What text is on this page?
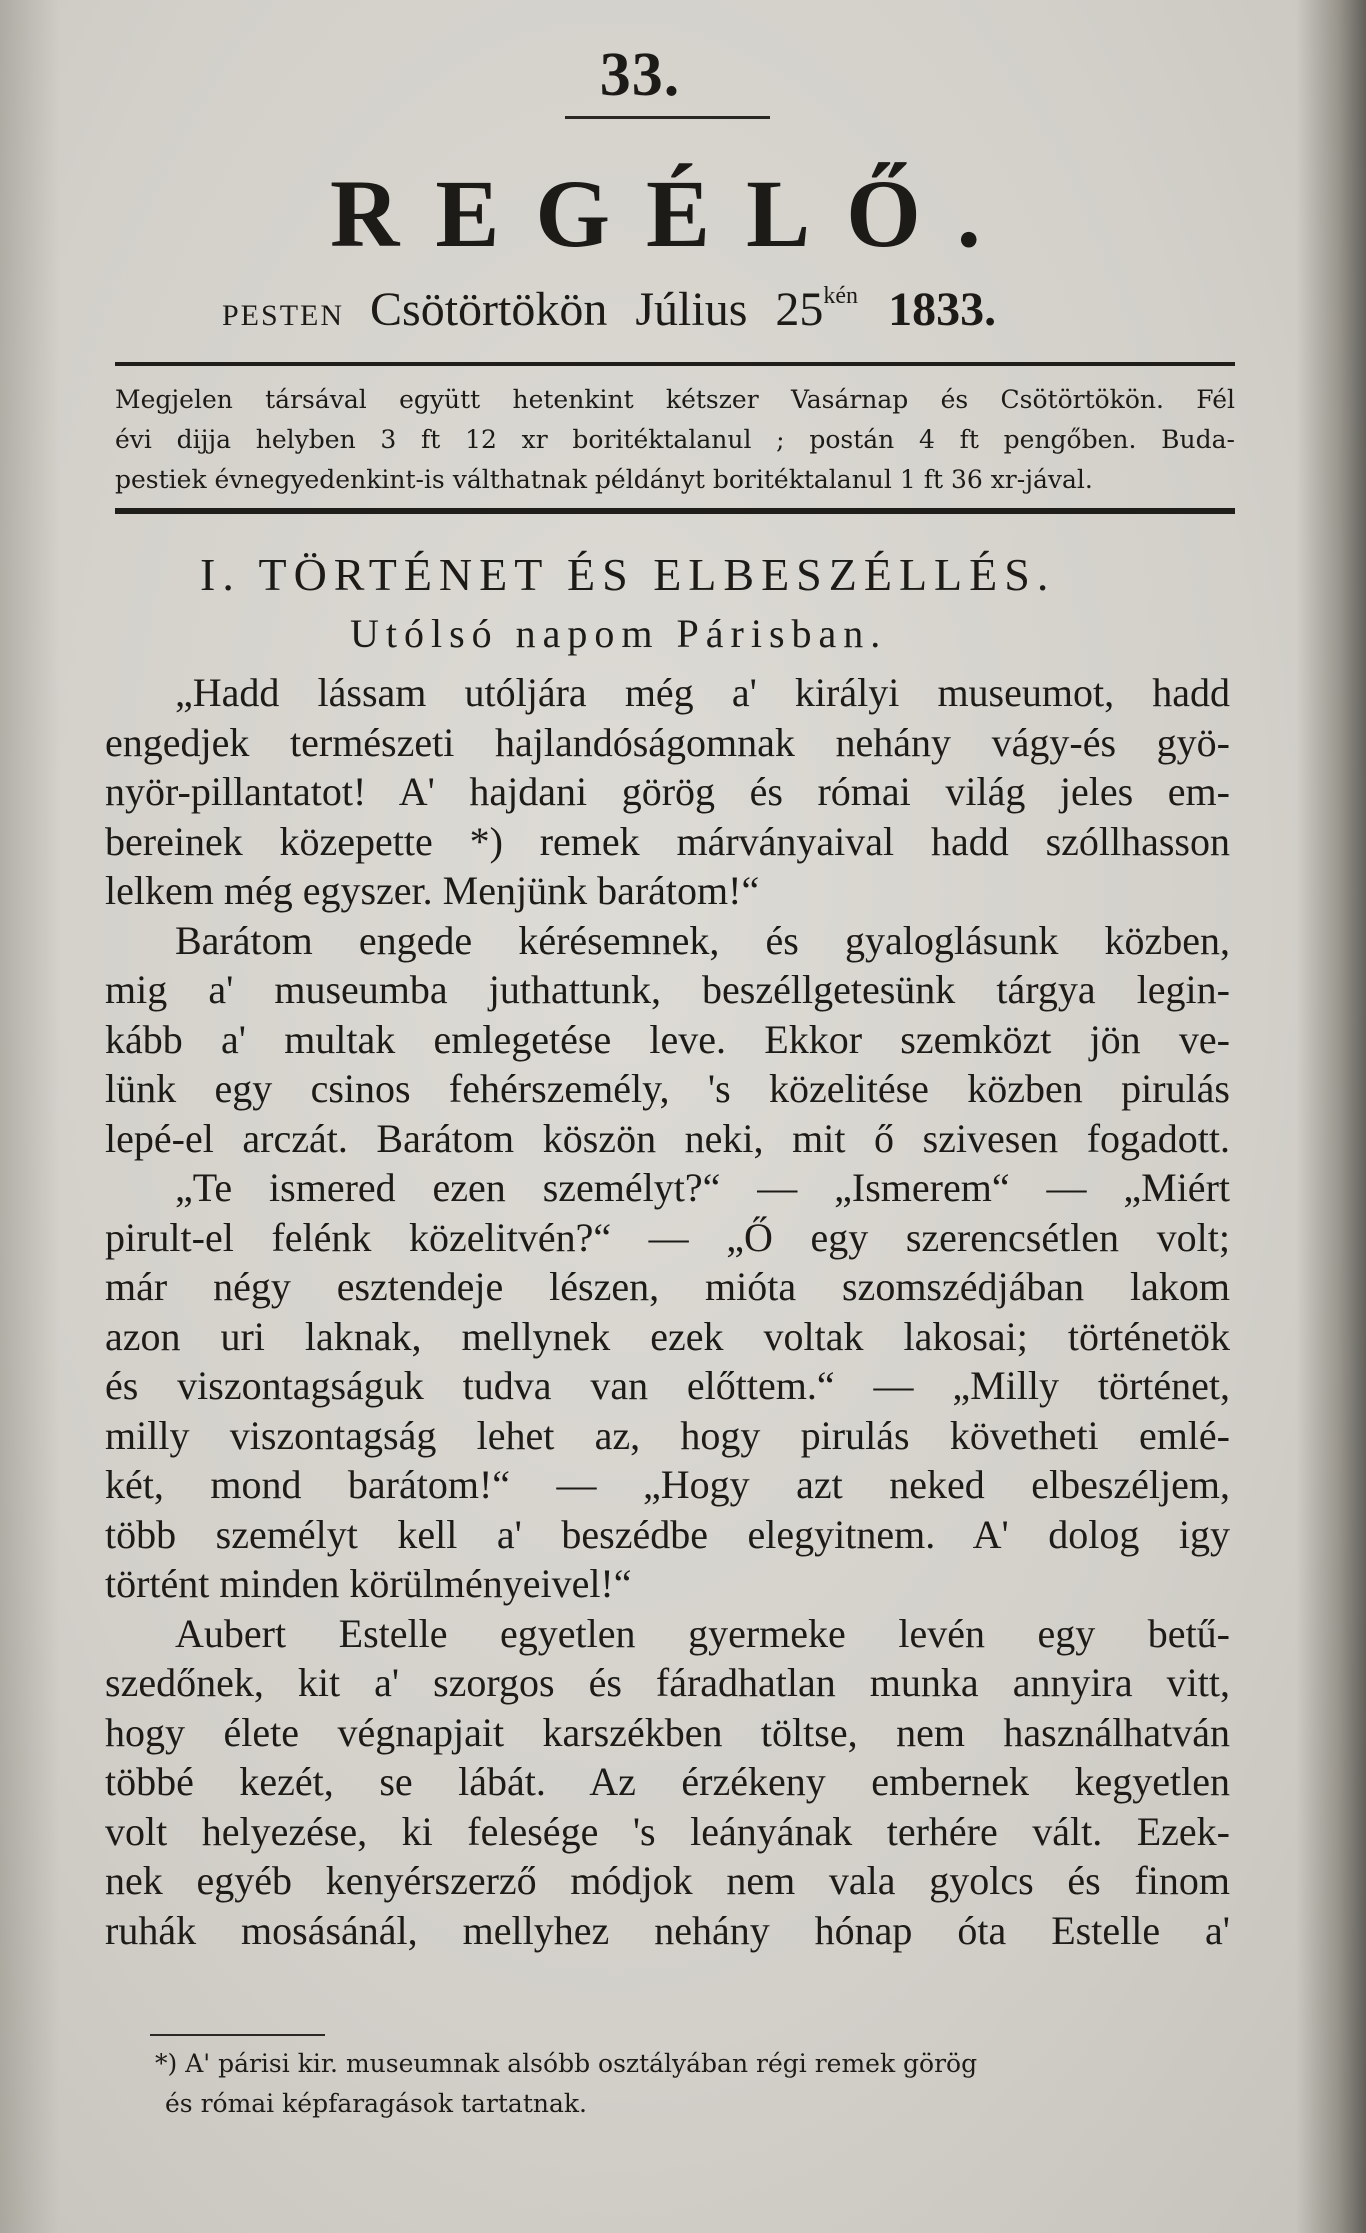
33.
REGÉLŐ.
PESTEN Csötörtökön Július $25^{kén}$ 1833.
Megjelen társával együtt hetenkint kétszer Vasárnap és Csötörtökön. Fél
évi dijja helyben 3 ft 12 xr boritéktalanul ; postán 4 ft pengőben. Buda-
pestiek évnegyedenkint-is válthatnak példányt boritéktalanul 1 ft 36 xr-jával.
I. TÖRTÉNET ÉS ELBESZÉLLÉS.
Utólsó napom Párisban.
„Hadd lássam utóljára még a' királyi museumot, hadd
engedjek természeti hajlandóságomnak nehány vágy-és gyö-
nyör-pillantatot! A' hajdani görög és római világ jeles em-
bereinek közepette *) remek márványaival hadd szóllhasson
lelkem még egyszer. Menjünk barátom!“
Barátom engede kérésemnek, és gyaloglásunk közben,
mig a' museumba juthattunk, beszéllgetesünk tárgya legin-
kább a' multak emlegetése leve. Ekkor szemközt jön ve-
lünk egy csinos fehérszemély, 's közelitése közben pirulás
lepé-el arczát. Barátom köszön neki, mit ő szivesen fogadott.
„Te ismered ezen személyt?“ — „Ismerem“ — „Miért
pirult-el felénk közelitvén?“ — „Ő egy szerencsétlen volt;
már négy esztendeje lészen, mióta szomszédjában lakom
azon uri laknak, mellynek ezek voltak lakosai; történetök
és viszontagságuk tudva van előttem.“ — „Milly történet,
milly viszontagság lehet az, hogy pirulás követheti emlé-
két, mond barátom!“ — „Hogy azt neked elbeszéljem,
több személyt kell a' beszédbe elegyitnem. A' dolog igy
történt minden körülményeivel!“
Aubert Estelle egyetlen gyermeke levén egy betű-
szedőnek, kit a' szorgos és fáradhatlan munka annyira vitt,
hogy élete végnapjait karszékben töltse, nem használhatván
többé kezét, se lábát. Az érzékeny embernek kegyetlen
volt helyezése, ki felesége 's leányának terhére vált. Ezek-
nek egyéb kenyérszerző módjok nem vala gyolcs és finom
ruhák mosásánál, mellyhez nehány hónap óta Estelle a'
*) A' párisi kir. museumnak alsóbb osztályában régi remek görög
és római képfaragások tartatnak.
